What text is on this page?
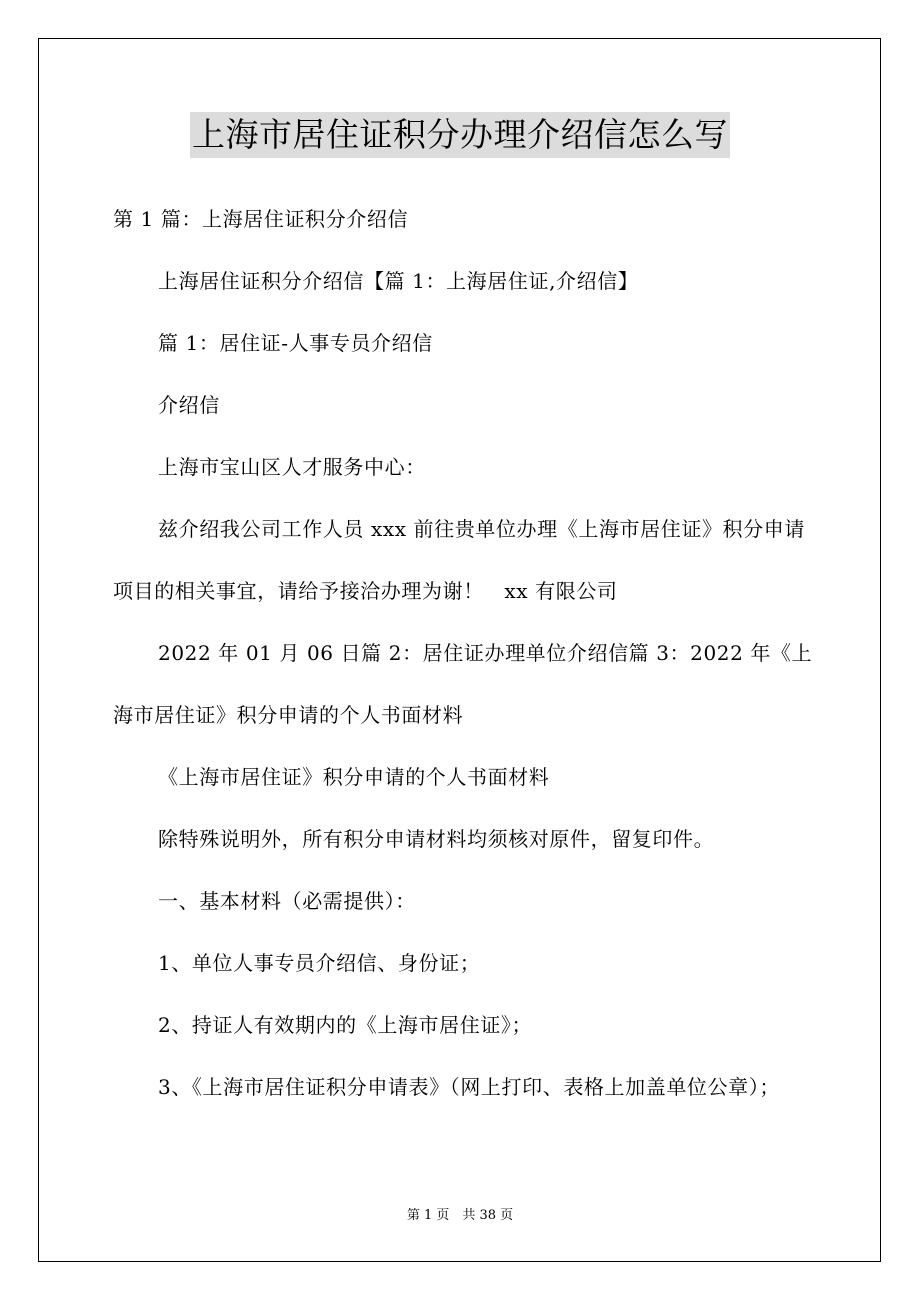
上海市居住证积分办理介绍信怎么写

第 1 篇：上海居住证积分介绍信

上海居住证积分介绍信【篇 1：上海居住证,介绍信】

篇 1：居住证-人事专员介绍信

介绍信

上海市宝山区人才服务中心：

兹介绍我公司工作人员 xxx 前往贵单位办理《上海市居住证》积分申请项目的相关事宜，请给予接洽办理为谢！　xx 有限公司

2022 年 01 月 06 日篇 2：居住证办理单位介绍信篇 3：2022 年《上海市居住证》积分申请的个人书面材料

《上海市居住证》积分申请的个人书面材料

除特殊说明外，所有积分申请材料均须核对原件，留复印件。

一、基本材料（必需提供）：

1、单位人事专员介绍信、身份证；

2、持证人有效期内的《上海市居住证》；

3、《上海市居住证积分申请表》（网上打印、表格上加盖单位公章）；

第 1 页　共 38 页
